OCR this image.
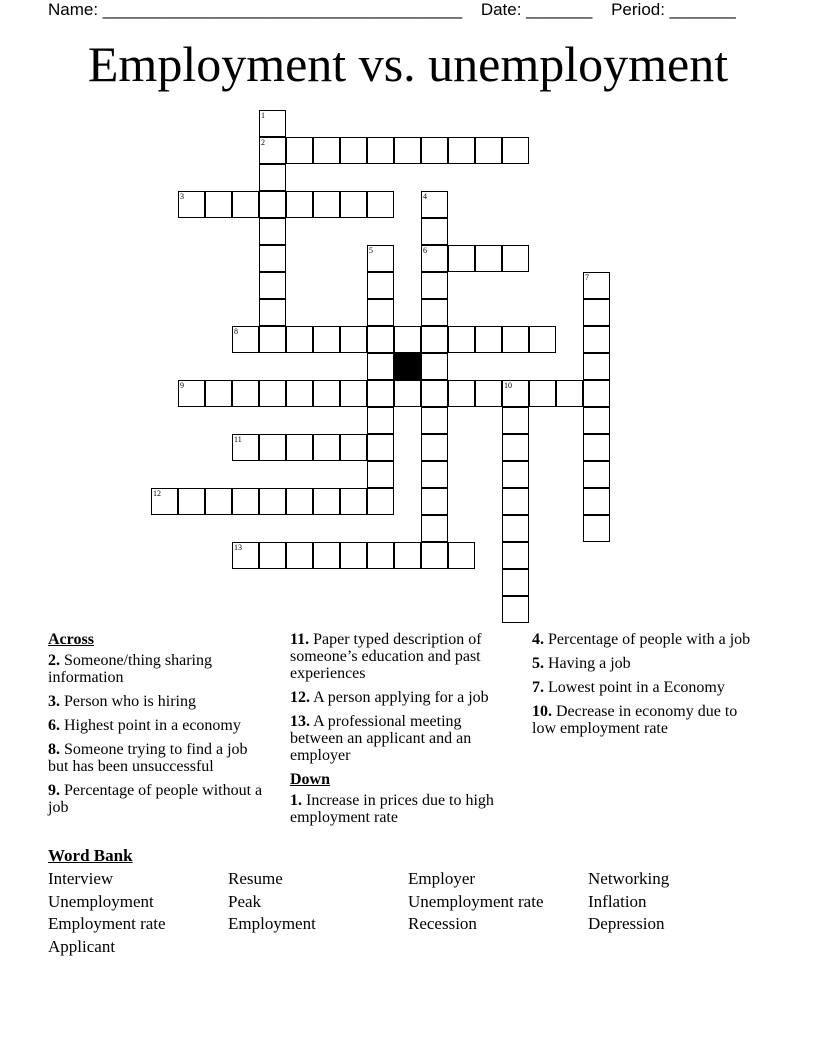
Name: ______________________________________ Date: _______ Period: _______
Employment vs. unemployment
1
2
3	4
6
5
7
8
9	10
11
12
13
Across
2. Someone/thing sharing information
3. Person who is hiring
6. Highest point in a economy
8. Someone trying to find a job but has been unsuccessful
9. Percentage of people without a job
11. Paper typed description of someone’s education and past experiences
12. A person applying for a job
13. A professional meeting between an applicant and an employer
Down
1. Increase in prices due to high employment rate
4. Percentage of people with a job
5. Having a job
7. Lowest point in a Economy
10. Decrease in economy due to low employment rate
Word Bank
Interview	Resume	Employer	Networking
Unemployment	Peak	Unemployment rate	Inflation
Employment rate	Employment	Recession	Depression
Applicant
